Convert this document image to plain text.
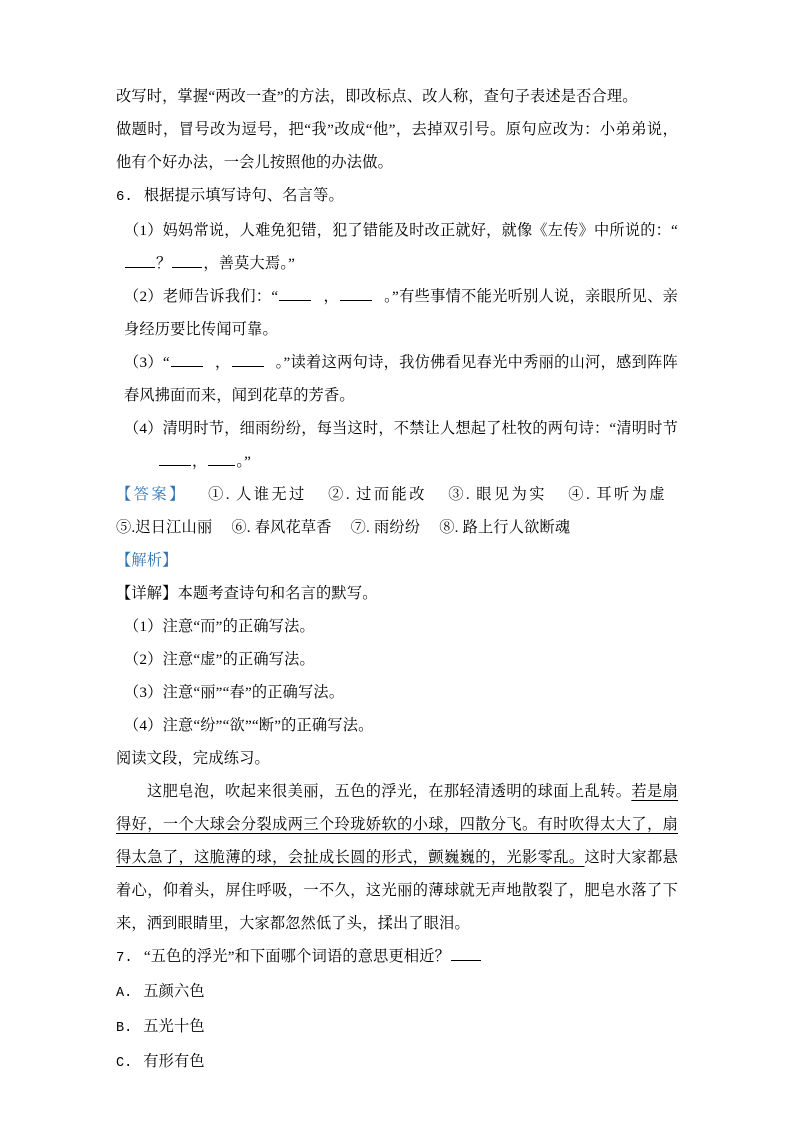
改写时，掌握“两改一查”的方法，即改标点、改人称，查句子表述是否合理。

做题时，冒号改为逗号，把“我”改成“他”，去掉双引号。原句应改为：小弟弟说，他有个好办法，一会儿按照他的办法做。

6. 根据提示填写诗句、名言等。

（1）妈妈常说，人难免犯错，犯了错能及时改正就好，就像《左传》中所说的：“？ ，善莫大焉。”

（2）老师告诉我们：“	，	。”有些事情不能光听别人说，亲眼所见、亲身经历要比传闻可靠。

（3）“	，	。”读着这两句诗，我仿佛看见春光中秀丽的山河，感到阵阵春风拂面而来，闻到花草的芳香。

（4）清明时节，细雨纷纷，每当这时，不禁让人想起了杜牧的两句诗：“清明时节， 。”

【答案】 ①. 人谁无过 ②. 过而能改 ③. 眼见为实 ④. 耳听为虚⑤.迟日江山丽 ⑥. 春风花草香 ⑦. 雨纷纷 ⑧. 路上行人欲断魂

【解析】

【详解】本题考查诗句和名言的默写。

（1）注意“而”的正确写法。

（2）注意“虚”的正确写法。

（3）注意“丽”“春”的正确写法。

（4）注意“纷”“欲”“断”的正确写法。

阅读文段，完成练习。

这肥皂泡，吹起来很美丽，五色的浮光，在那轻清透明的球面上乱转。若是扇得好，一个大球会分裂成两三个玲珑娇软的小球，四散分飞。有时吹得太大了，扇得太急了，这脆薄的球，会扯成长圆的形式，颤巍巍的，光影零乱。这时大家都悬着心，仰着头，屏住呼吸，一不久，这光丽的薄球就无声地散裂了，肥皂水落了下来，洒到眼睛里，大家都忽然低了头，揉出了眼泪。

7. “五色的浮光”和下面哪个词语的意思更相近？

A. 五颜六色

B. 五光十色

C. 有形有色
